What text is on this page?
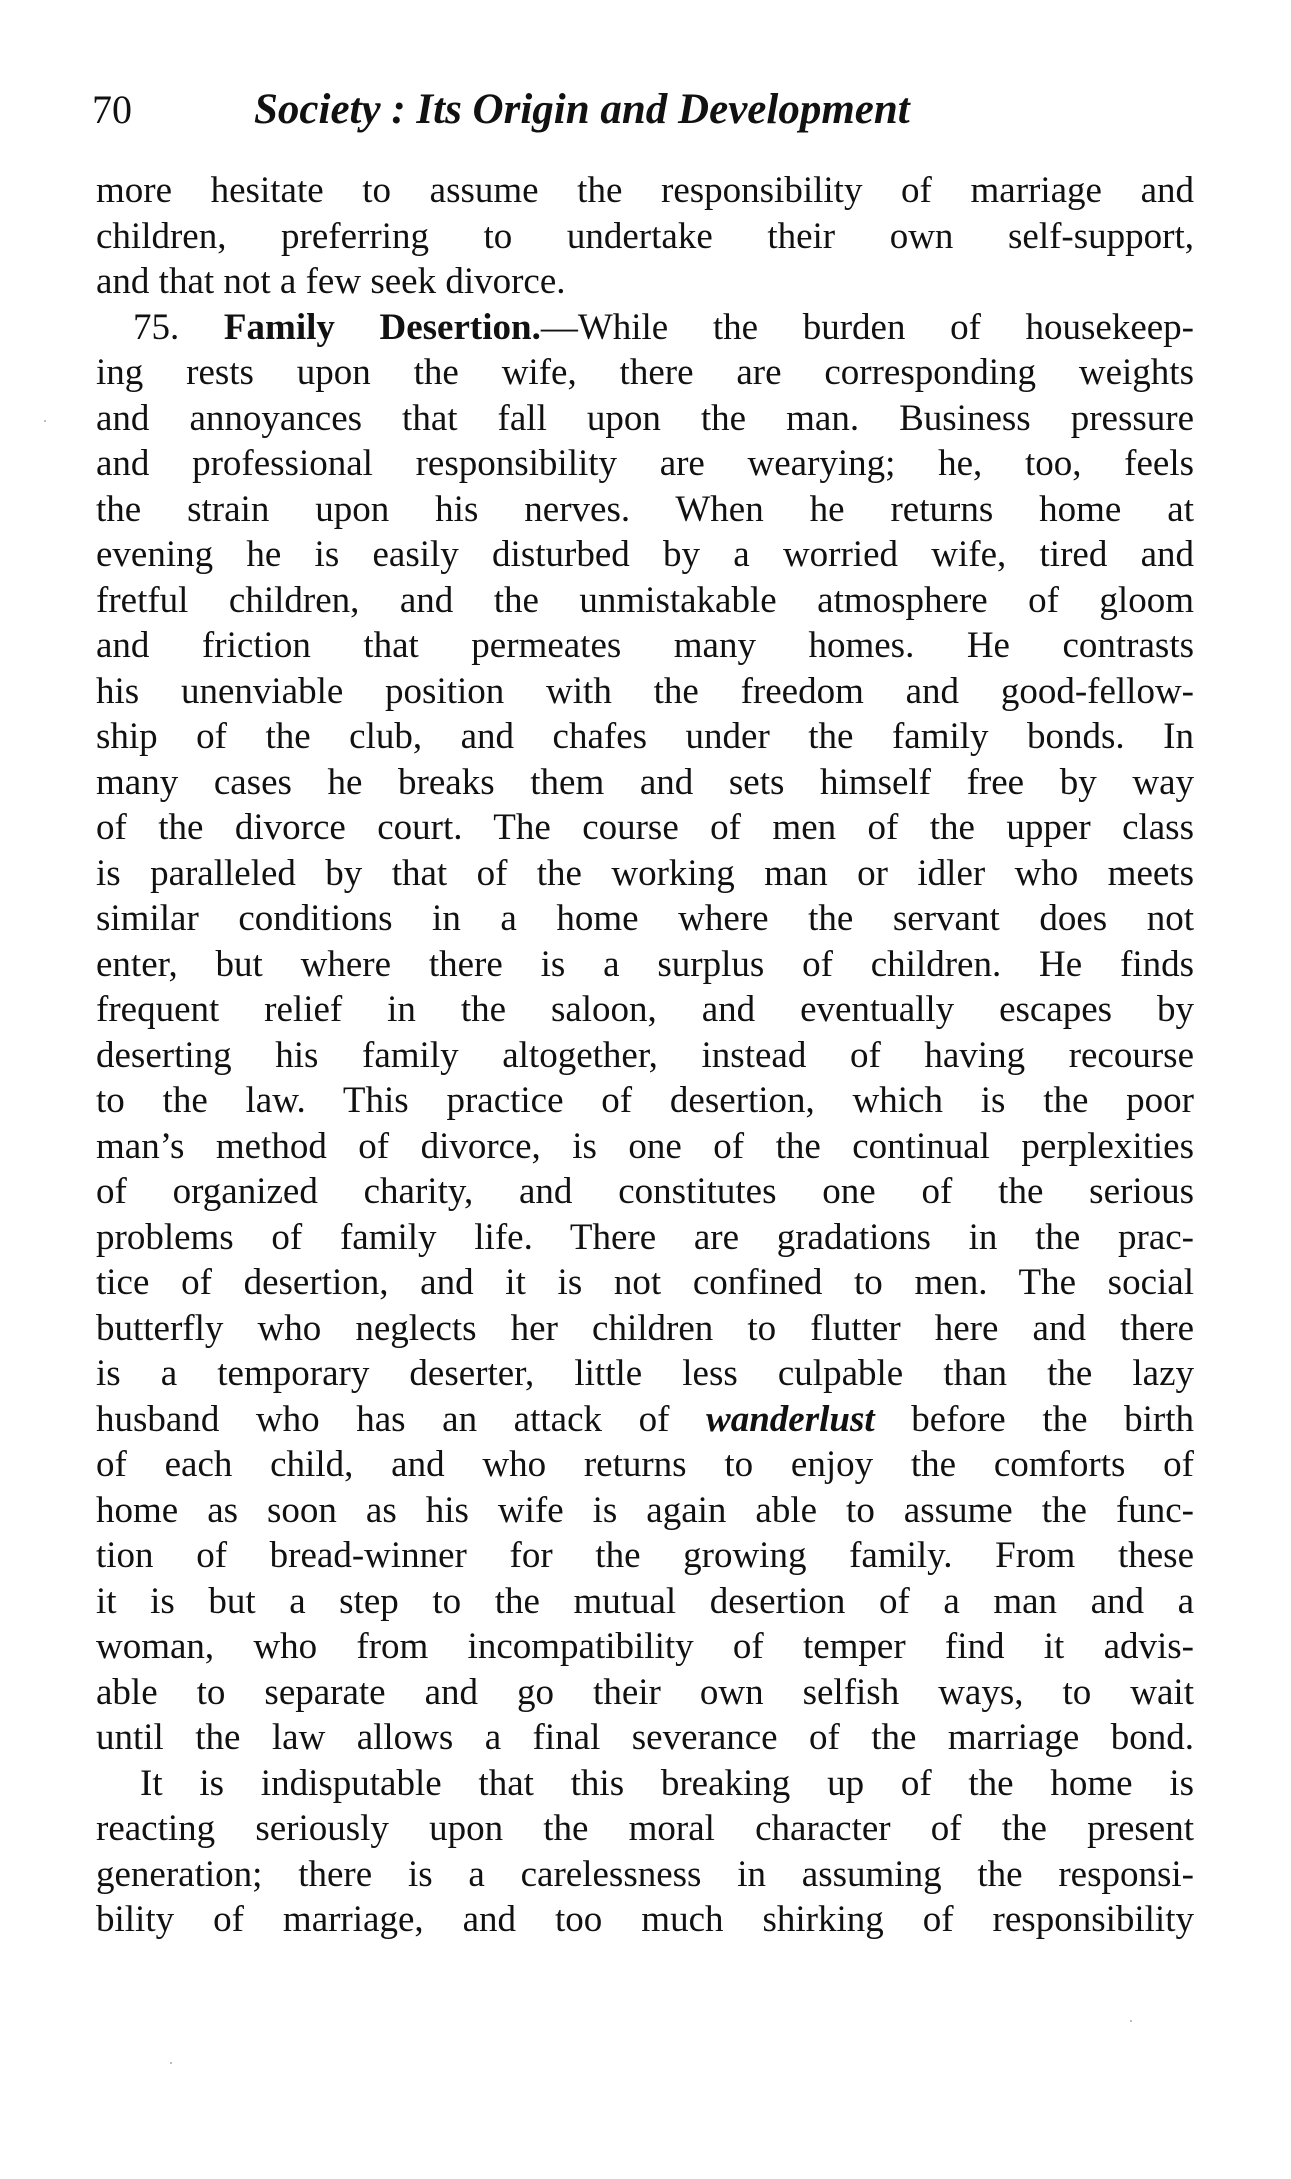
70	Society : Its Origin and Development
more hesitate to assume the responsibility of marriage and
children, preferring to undertake their own self-support,
and that not a few seek divorce.
75. Family Desertion.—While the burden of housekeep-
ing rests upon the wife, there are corresponding weights
and annoyances that fall upon the man. Business pressure
and professional responsibility are wearying; he, too, feels
the strain upon his nerves. When he returns home at
evening he is easily disturbed by a worried wife, tired and
fretful children, and the unmistakable atmosphere of gloom
and friction that permeates many homes. He contrasts
his unenviable position with the freedom and good-fellow-
ship of the club, and chafes under the family bonds. In
many cases he breaks them and sets himself free by way
of the divorce court. The course of men of the upper class
is paralleled by that of the working man or idler who meets
similar conditions in a home where the servant does not
enter, but where there is a surplus of children. He finds
frequent relief in the saloon, and eventually escapes by
deserting his family altogether, instead of having recourse
to the law. This practice of desertion, which is the poor
man’s method of divorce, is one of the continual perplexities
of organized charity, and constitutes one of the serious
problems of family life. There are gradations in the prac-
tice of desertion, and it is not confined to men. The social
butterfly who neglects her children to flutter here and there
is a temporary deserter, little less culpable than the lazy
husband who has an attack of wanderlust before the birth
of each child, and who returns to enjoy the comforts of
home as soon as his wife is again able to assume the func-
tion of bread-winner for the growing family. From these
it is but a step to the mutual desertion of a man and a
woman, who from incompatibility of temper find it advis-
able to separate and go their own selfish ways, to wait
until the law allows a final severance of the marriage bond.
It is indisputable that this breaking up of the home is
reacting seriously upon the moral character of the present
generation; there is a carelessness in assuming the responsi-
bility of marriage, and too much shirking of responsibility
